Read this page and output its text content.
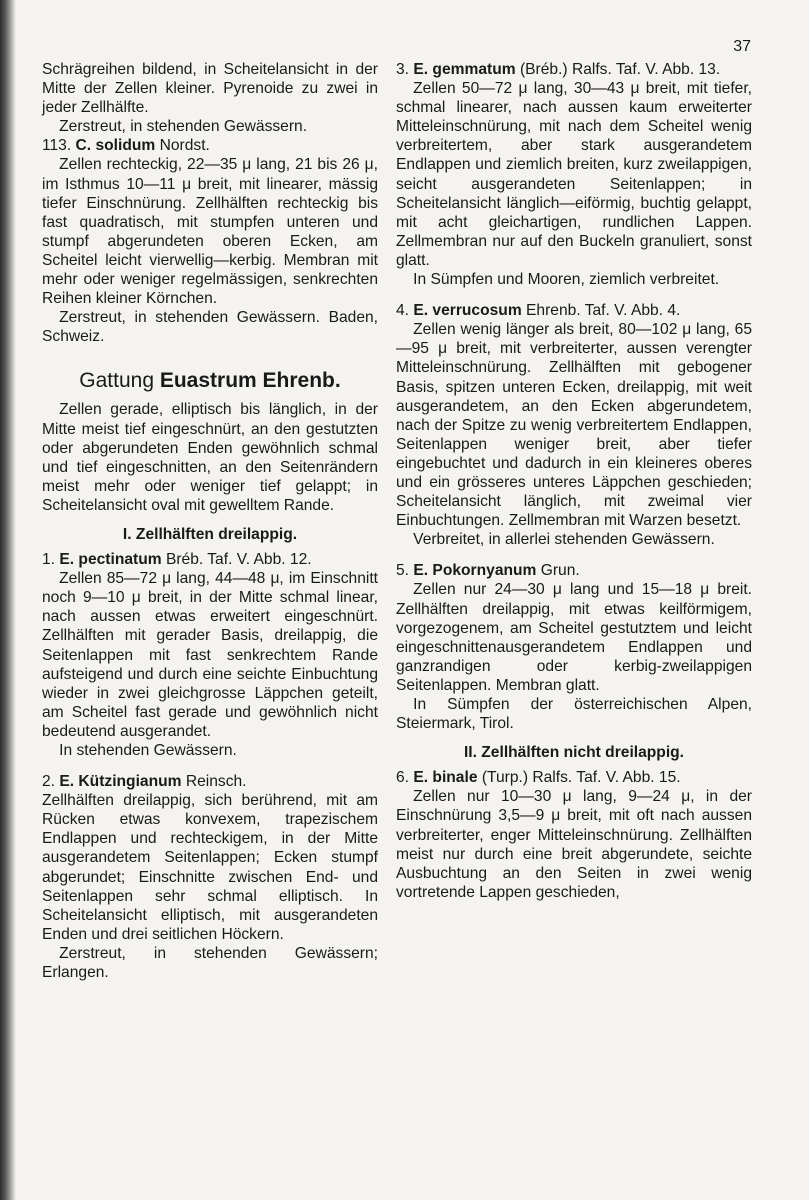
37

Schrägreihen bildend, in Scheitelansicht in der Mitte der Zellen kleiner. Pyrenoide zu zwei in jeder Zellhälfte.

Zerstreut, in stehenden Gewässern.

113. C. solidum Nordst.

Zellen rechteckig, 22—35 μ lang, 21 bis 26 μ, im Isthmus 10—11 μ breit, mit linearer, mässig tiefer Einschnürung. Zellhälften rechteckig bis fast quadratisch, mit stumpfen unteren und stumpf abgerundeten oberen Ecken, am Scheitel leicht vierwellig—kerbig. Membran mit mehr oder weniger regelmässigen, senkrechten Reihen kleiner Körnchen.

Zerstreut, in stehenden Gewässern. Baden, Schweiz.

Gattung Euastrum Ehrenb.

Zellen gerade, elliptisch bis länglich, in der Mitte meist tief eingeschnürt, an den gestutzten oder abgerundeten Enden gewöhnlich schmal und tief eingeschnitten, an den Seitenrändern meist mehr oder weniger tief gelappt; in Scheitelansicht oval mit gewelltem Rande.

I. Zellhälften dreilappig.

1. E. pectinatum Bréb. Taf. V. Abb. 12.

Zellen 85—72 μ lang, 44—48 μ, im Einschnitt noch 9—10 μ breit, in der Mitte schmal linear, nach aussen etwas erweitert eingeschnürt. Zellhälften mit gerader Basis, dreilappig, die Seitenlappen mit fast senkrechtem Rande aufsteigend und durch eine seichte Einbuchtung wieder in zwei gleichgrosse Läppchen geteilt, am Scheitel fast gerade und gewöhnlich nicht bedeutend ausgerandet.

In stehenden Gewässern.

2. E. Kützingianum Reinsch.

Zellhälften dreilappig, sich berührend, mit am Rücken etwas konvexem, trapezischem Endlappen und rechteckigem, in der Mitte ausgerandetem Seitenlappen; Ecken stumpf abgerundet; Einschnitte zwischen End- und Seitenlappen sehr schmal elliptisch. In Scheitelansicht elliptisch, mit ausgerandeten Enden und drei seitlichen Höckern.

Zerstreut, in stehenden Gewässern; Erlangen.

3. E. gemmatum (Bréb.) Ralfs. Taf. V. Abb. 13.

Zellen 50—72 μ lang, 30—43 μ breit, mit tiefer, schmal linearer, nach aussen kaum erweiterter Mitteleinschnürung, mit nach dem Scheitel wenig verbreitertem, aber stark ausgerandetem Endlappen und ziemlich breiten, kurz zweilappigen, seicht ausgerandeten Seitenlappen; in Scheitelansicht länglich—eiförmig, buchtig gelappt, mit acht gleichartigen, rundlichen Lappen. Zellmembran nur auf den Buckeln granuliert, sonst glatt.

In Sümpfen und Mooren, ziemlich verbreitet.

4. E. verrucosum Ehrenb. Taf. V. Abb. 4.

Zellen wenig länger als breit, 80—102 μ lang, 65—95 μ breit, mit verbreiterter, aussen verengter Mitteleinschnürung. Zellhälften mit gebogener Basis, spitzen unteren Ecken, dreilappig, mit weit ausgerandetem, an den Ecken abgerundetem, nach der Spitze zu wenig verbreitertem Endlappen, Seitenlappen weniger breit, aber tiefer eingebuchtet und dadurch in ein kleineres oberes und ein grösseres unteres Läppchen geschieden; Scheitelansicht länglich, mit zweimal vier Einbuchtungen. Zellmembran mit Warzen besetzt.

Verbreitet, in allerlei stehenden Gewässern.

5. E. Pokornyanum Grun.

Zellen nur 24—30 μ lang und 15—18 μ breit. Zellhälften dreilappig, mit etwas keilförmigem, vorgezogenem, am Scheitel gestutztem und leicht eingeschnittenausgerandetem Endlappen und ganzrandigen oder kerbig-zweilappigen Seitenlappen. Membran glatt.

In Sümpfen der österreichischen Alpen, Steiermark, Tirol.

II. Zellhälften nicht dreilappig.

6. E. binale (Turp.) Ralfs. Taf. V. Abb. 15.

Zellen nur 10—30 μ lang, 9—24 μ, in der Einschnürung 3,5—9 μ breit, mit oft nach aussen verbreiterter, enger Mitteleinschnürung. Zellhälften meist nur durch eine breit abgerundete, seichte Ausbuchtung an den Seiten in zwei wenig vortretende Lappen geschieden,
